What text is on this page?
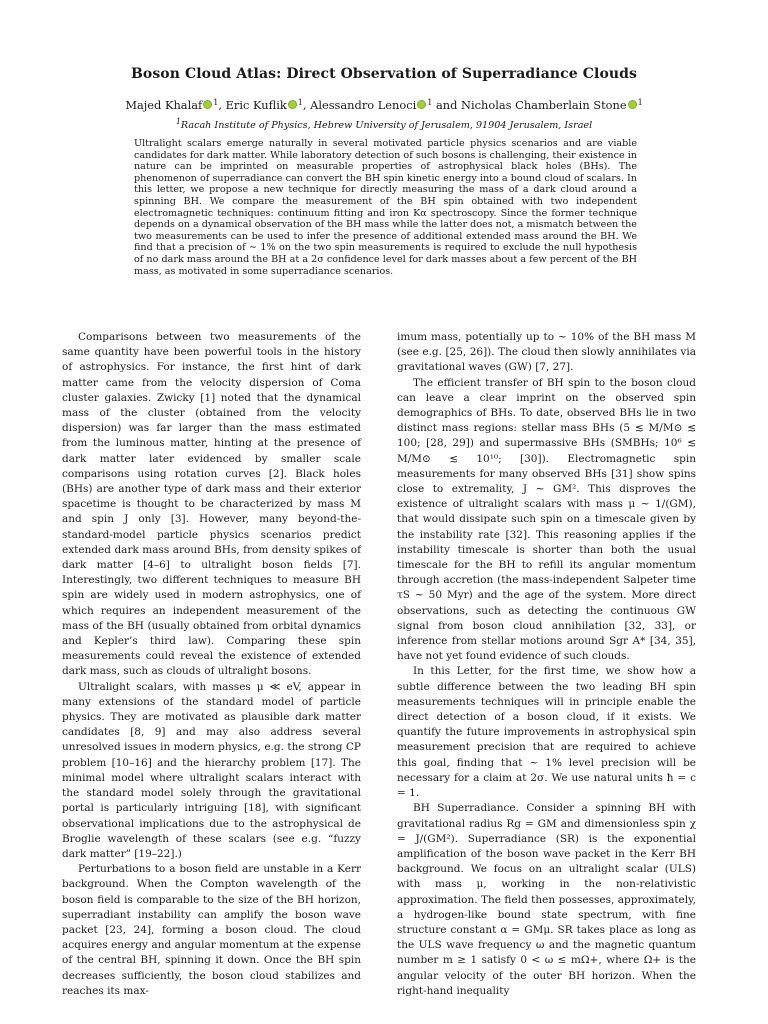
Boson Cloud Atlas: Direct Observation of Superradiance Clouds
Majed Khalaf $^1$, Eric Kuflik $^1$, Alessandro Lenoci $^1$ and Nicholas Chamberlain Stone $^1$
$^1$Racah Institute of Physics, Hebrew University of Jerusalem, 91904 Jerusalem, Israel
Ultralight scalars emerge naturally in several motivated particle physics scenarios and are viable candidates for dark matter. While laboratory detection of such bosons is challenging, their existence in nature can be imprinted on measurable properties of astrophysical black holes (BHs). The phenomenon of superradiance can convert the BH spin kinetic energy into a bound cloud of scalars. In this letter, we propose a new technique for directly measuring the mass of a dark cloud around a spinning BH. We compare the measurement of the BH spin obtained with two independent electromagnetic techniques: continuum fitting and iron Kα spectroscopy. Since the former technique depends on a dynamical observation of the BH mass while the latter does not, a mismatch between the two measurements can be used to infer the presence of additional extended mass around the BH. We find that a precision of ∼ 1% on the two spin measurements is required to exclude the null hypothesis of no dark mass around the BH at a 2σ confidence level for dark masses about a few percent of the BH mass, as motivated in some superradiance scenarios.

Comparisons between two measurements of the same quantity have been powerful tools in the history of astrophysics. For instance, the first hint of dark matter came from the velocity dispersion of Coma cluster galaxies. Zwicky [1] noted that the dynamical mass of the cluster (obtained from the velocity dispersion) was far larger than the mass estimated from the luminous matter, hinting at the presence of dark matter later evidenced by smaller scale comparisons using rotation curves [2]. Black holes (BHs) are another type of dark mass and their exterior spacetime is thought to be characterized by mass M and spin J only [3]. However, many beyond-the-standard-model particle physics scenarios predict extended dark mass around BHs, from density spikes of dark matter [4–6] to ultralight boson fields [7]. Interestingly, two different techniques to measure BH spin are widely used in modern astrophysics, one of which requires an independent measurement of the mass of the BH (usually obtained from orbital dynamics and Kepler’s third law). Comparing these spin measurements could reveal the existence of extended dark mass, such as clouds of ultralight bosons.

Ultralight scalars, with masses μ ≪ eV, appear in many extensions of the standard model of particle physics. They are motivated as plausible dark matter candidates [8, 9] and may also address several unresolved issues in modern physics, e.g. the strong CP problem [10–16] and the hierarchy problem [17]. The minimal model where ultralight scalars interact with the standard model solely through the gravitational portal is particularly intriguing [18], with significant observational implications due to the astrophysical de Broglie wavelength of these scalars (see e.g. “fuzzy dark matter” [19–22].)

Perturbations to a boson field are unstable in a Kerr background. When the Compton wavelength of the boson field is comparable to the size of the BH horizon, superradiant instability can amplify the boson wave packet [23, 24], forming a boson cloud. The cloud acquires energy and angular momentum at the expense of the central BH, spinning it down. Once the BH spin decreases sufficiently, the boson cloud stabilizes and reaches its max-

imum mass, potentially up to ∼ 10% of the BH mass M (see e.g. [25, 26]). The cloud then slowly annihilates via gravitational waves (GW) [7, 27].

The efficient transfer of BH spin to the boson cloud can leave a clear imprint on the observed spin demographics of BHs. To date, observed BHs lie in two distinct mass regions: stellar mass BHs (5 ≲ M/M⊙ ≲ 100; [28, 29]) and supermassive BHs (SMBHs; 10⁶ ≲ M/M⊙ ≲ 10¹⁰; [30]). Electromagnetic spin measurements for many observed BHs [31] show spins close to extremality, J ∼ GM². This disproves the existence of ultralight scalars with mass μ ∼ 1/(GM), that would dissipate such spin on a timescale given by the instability rate [32]. This reasoning applies if the instability timescale is shorter than both the usual timescale for the BH to refill its angular momentum through accretion (the mass-independent Salpeter time τS ∼ 50 Myr) and the age of the system. More direct observations, such as detecting the continuous GW signal from boson cloud annihilation [32, 33], or inference from stellar motions around Sgr A* [34, 35], have not yet found evidence of such clouds.

In this Letter, for the first time, we show how a subtle difference between the two leading BH spin measurements techniques will in principle enable the direct detection of a boson cloud, if it exists. We quantify the future improvements in astrophysical spin measurement precision that are required to achieve this goal, finding that ∼ 1% level precision will be necessary for a claim at 2σ. We use natural units ħ = c = 1.

BH Superradiance. Consider a spinning BH with gravitational radius Rg = GM and dimensionless spin χ = J/(GM²). Superradiance (SR) is the exponential amplification of the boson wave packet in the Kerr BH background. We focus on an ultralight scalar (ULS) with mass μ, working in the non-relativistic approximation. The field then possesses, approximately, a hydrogen-like bound state spectrum, with fine structure constant α = GMμ. SR takes place as long as the ULS wave frequency ω and the magnetic quantum number m ≥ 1 satisfy 0 < ω ≤ mΩ+, where Ω+ is the angular velocity of the outer BH horizon. When the right-hand inequality
